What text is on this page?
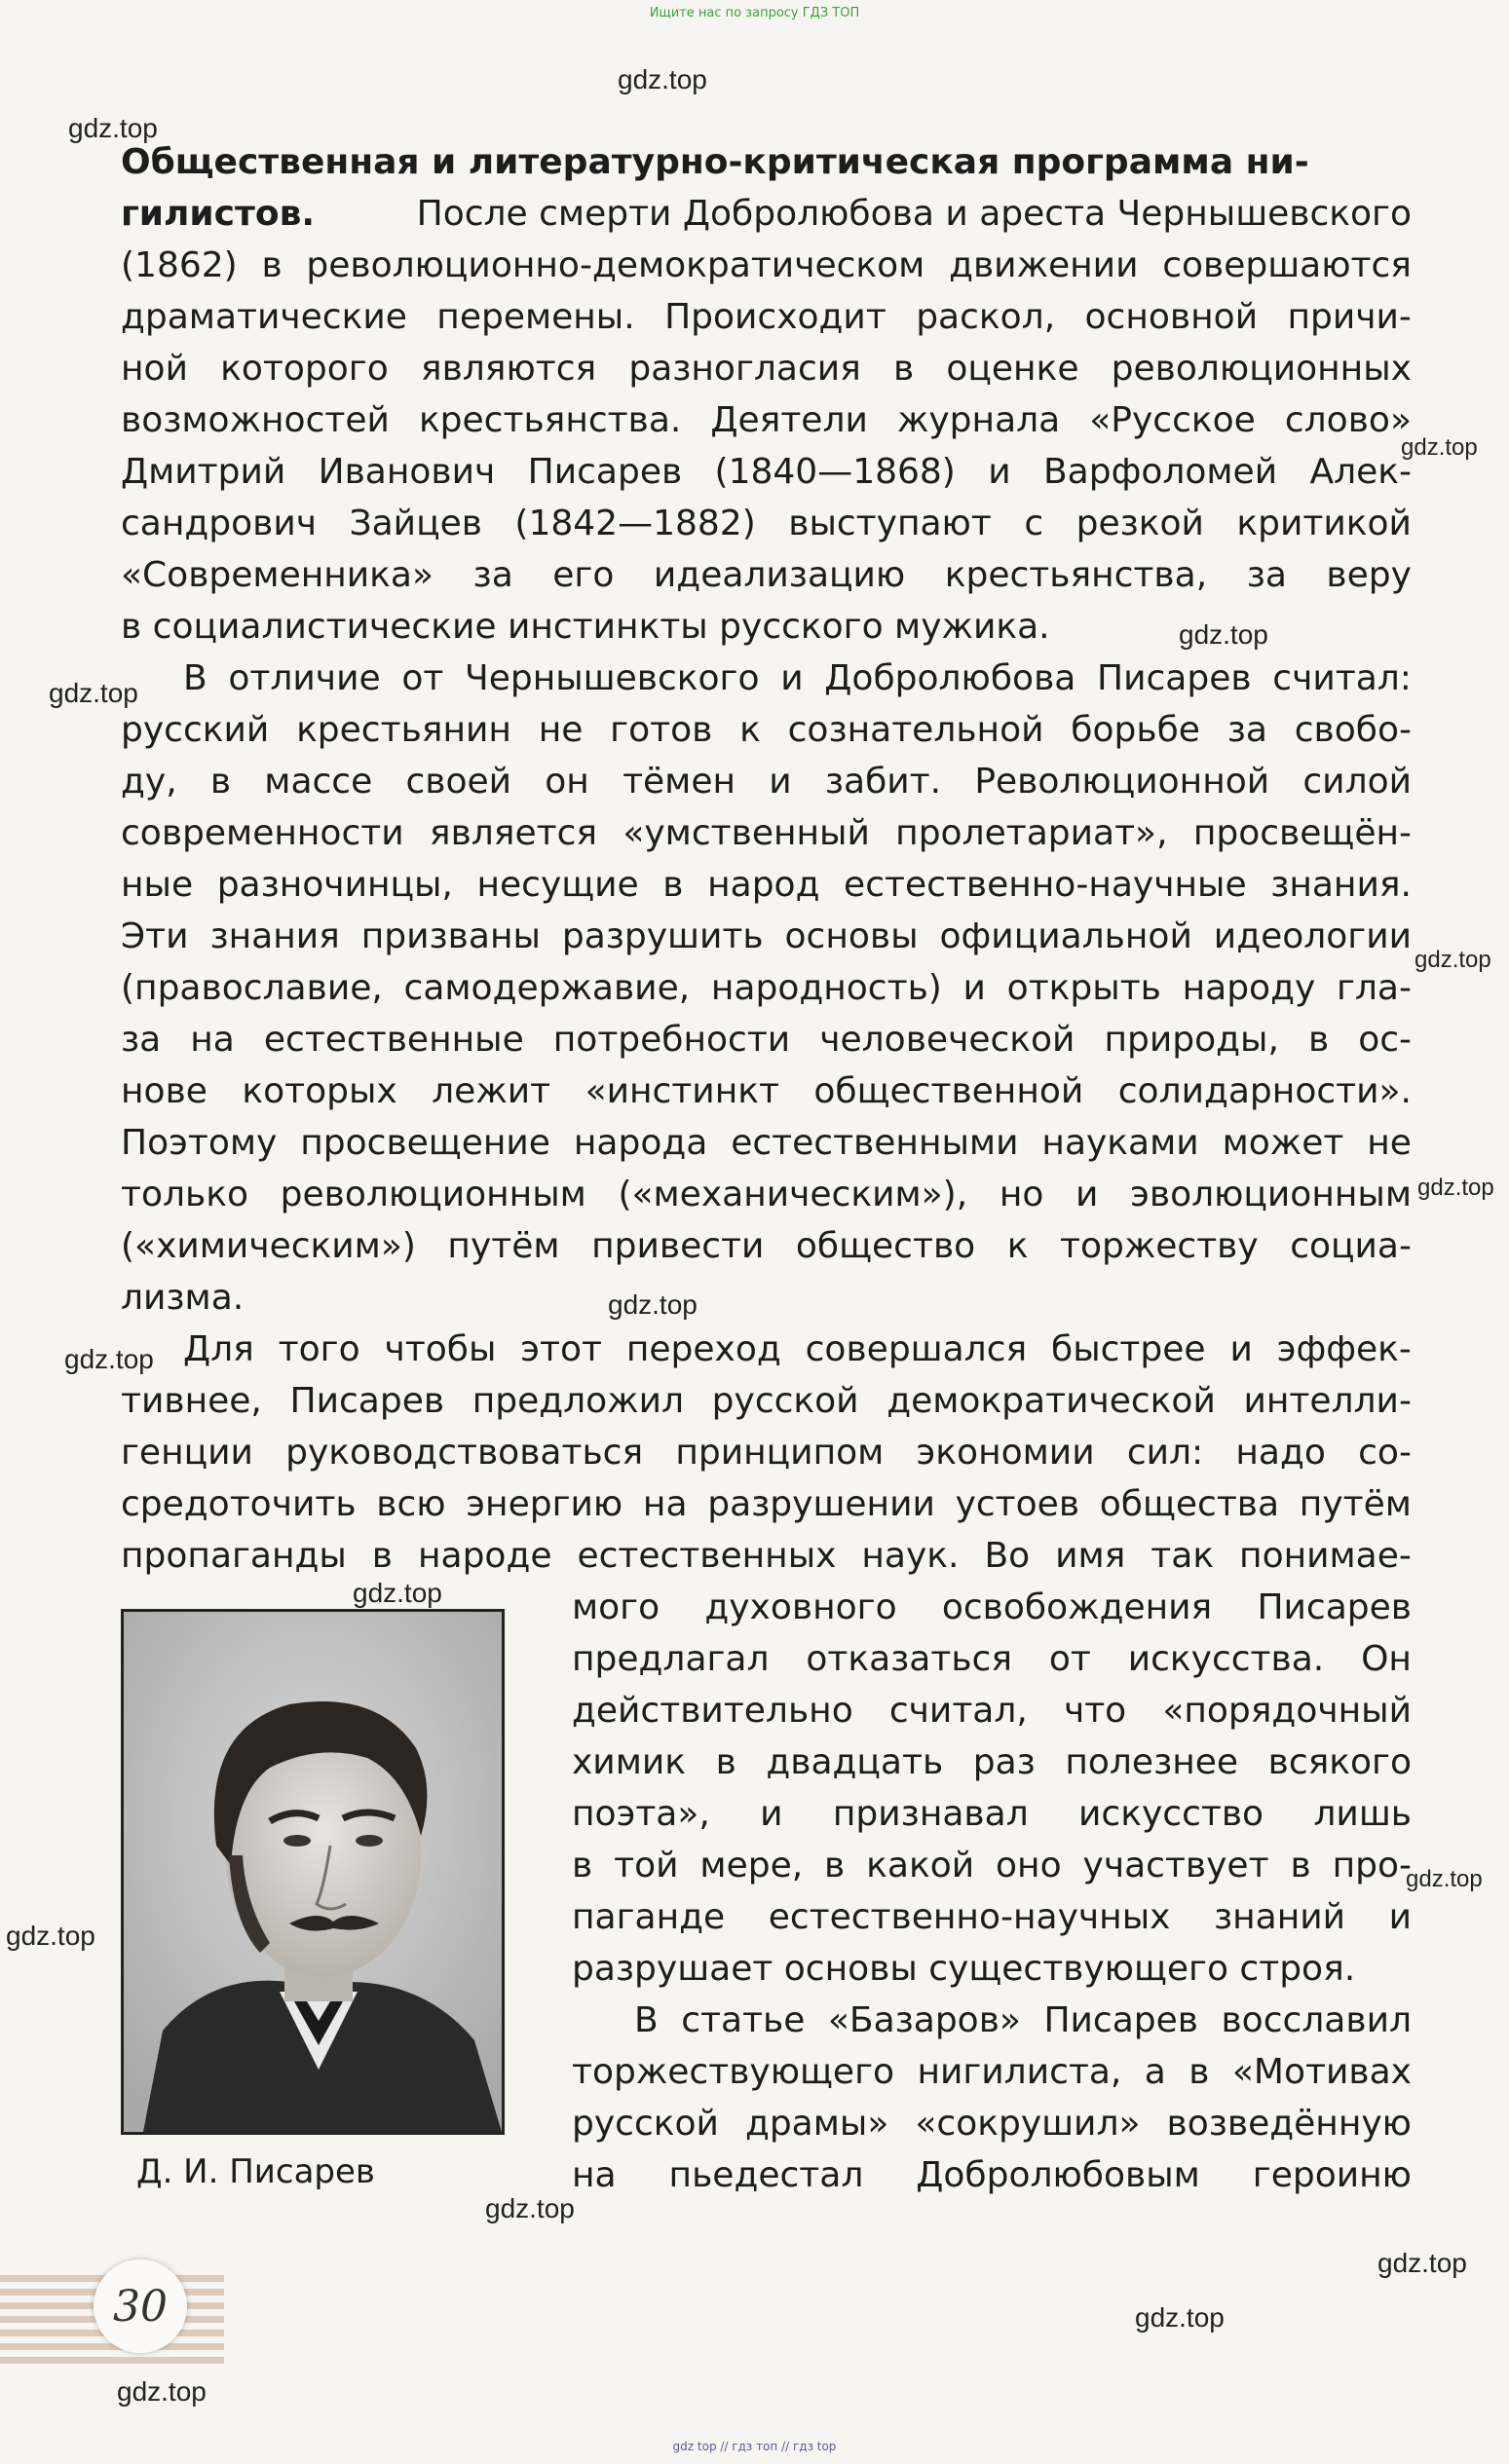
Ищите нас по запросу ГДЗ ТОП
gdz.top
gdz.top
gdz.top
gdz.top
gdz.top
gdz.top
gdz.top
gdz.top
gdz.top
gdz.top
gdz.top
gdz.top
gdz.top
gdz.top
gdz.top
gdz.top
Общественная и литературно-критическая программа ни-
гилистов.
	После смерти Добролюбова и ареста Чернышевского
(1862) в революционно-демократическом движении совершаются
драматические перемены. Происходит раскол, основной причи-
ной которого являются разногласия в оценке революционных
возможностей крестьянства. Деятели журнала «Русское слово»
Дмитрий Иванович Писарев (1840—1868) и Варфоломей Алек-
сандрович Зайцев (1842—1882) выступают с резкой критикой
«Современника» за его идеализацию крестьянства, за веру
в социалистические инстинкты русского мужика.
В отличие от Чернышевского и Добролюбова Писарев считал:
русский крестьянин не готов к сознательной борьбе за свобо-
ду, в массе своей он тёмен и забит. Революционной силой
современности является «умственный пролетариат», просвещён-
ные разночинцы, несущие в народ естественно-научные знания.
Эти знания призваны разрушить основы официальной идеологии
(православие, самодержавие, народность) и открыть народу гла-
за на естественные потребности человеческой природы, в ос-
нове которых лежит «инстинкт общественной солидарности».
Поэтому просвещение народа естественными науками может не
только революционным («механическим»), но и эволюционным
(«химическим») путём привести общество к торжеству социа-
лизма.
Для того чтобы этот переход совершался быстрее и эффек-
тивнее, Писарев предложил русской демократической интелли-
генции руководствоваться принципом экономии сил: надо со-
средоточить всю энергию на разрушении устоев общества путём
пропаганды в народе естественных наук. Во имя так понимае-
мого духовного освобождения Писарев
предлагал отказаться от искусства. Он
действительно считал, что «порядочный
химик в двадцать раз полезнее всякого
поэта», и признавал искусство лишь
в той мере, в какой оно участвует в про-
паганде естественно-научных знаний и
разрушает основы существующего строя.
В статье «Базаров» Писарев восславил
торжествующего нигилиста, а в «Мотивах
русской драмы» «сокрушил» возведённую
на пьедестал Добролюбовым героиню
Д. И. Писарев
30
gdz top // гдз топ // гдз top
